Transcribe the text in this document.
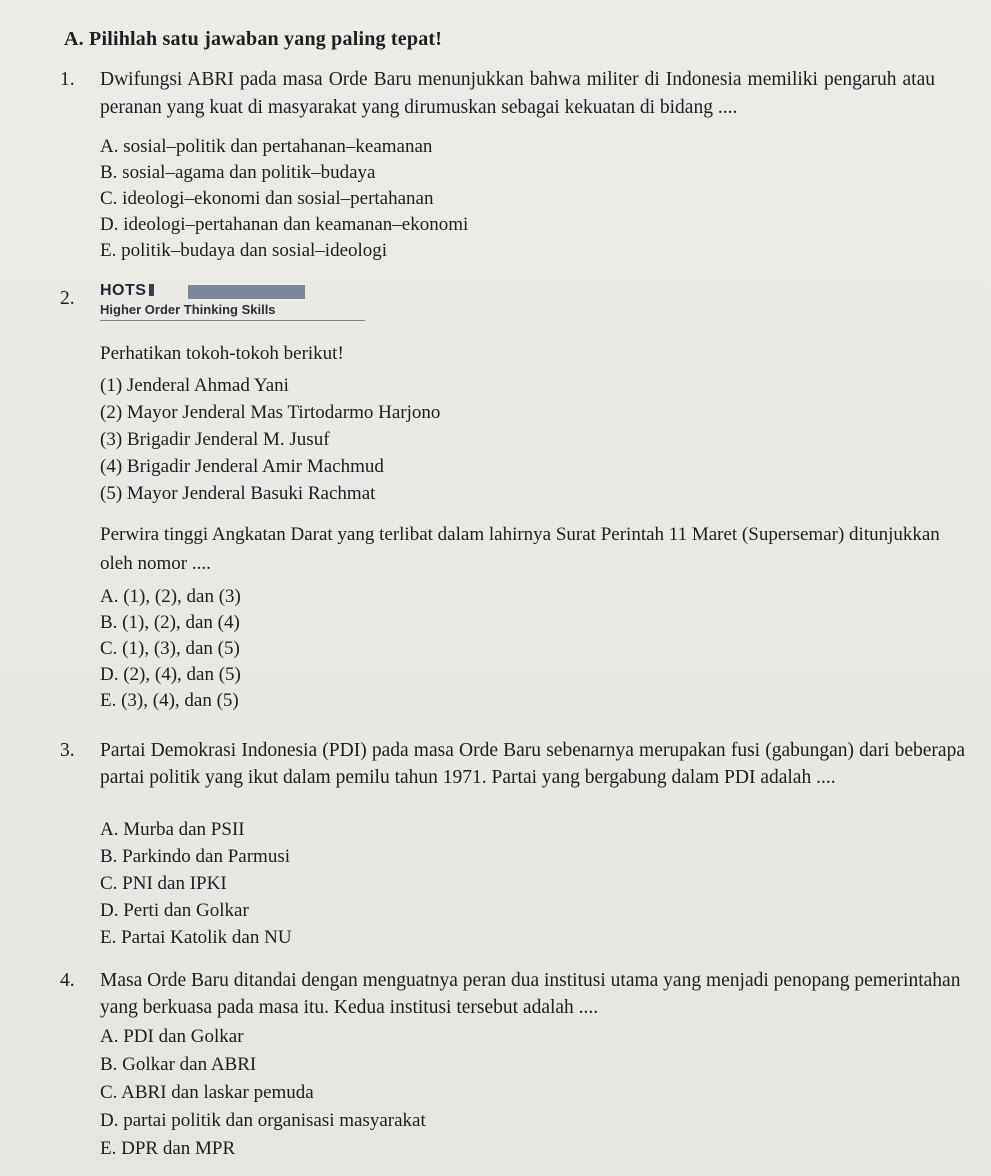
A. Pilihlah satu jawaban yang paling tepat!
1. Dwifungsi ABRI pada masa Orde Baru menunjukkan bahwa militer di Indonesia memiliki pengaruh atau peranan yang kuat di masyarakat yang dirumuskan sebagai kekuatan di bidang ....
A. sosial–politik dan pertahanan–keamanan
B. sosial–agama dan politik–budaya
C. ideologi–ekonomi dan sosial–pertahanan
D. ideologi–pertahanan dan keamanan–ekonomi
E. politik–budaya dan sosial–ideologi
2. HOTS
Higher Order Thinking Skills
Perhatikan tokoh-tokoh berikut!
(1) Jenderal Ahmad Yani
(2) Mayor Jenderal Mas Tirtodarmo Harjono
(3) Brigadir Jenderal M. Jusuf
(4) Brigadir Jenderal Amir Machmud
(5) Mayor Jenderal Basuki Rachmat
Perwira tinggi Angkatan Darat yang terlibat dalam lahirnya Surat Perintah 11 Maret (Supersemar) ditunjukkan oleh nomor ....
A. (1), (2), dan (3)
B. (1), (2), dan (4)
C. (1), (3), dan (5)
D. (2), (4), dan (5)
E. (3), (4), dan (5)
3. Partai Demokrasi Indonesia (PDI) pada masa Orde Baru sebenarnya merupakan fusi (gabungan) dari beberapa partai politik yang ikut dalam pemilu tahun 1971. Partai yang bergabung dalam PDI adalah ....
A. Murba dan PSII
B. Parkindo dan Parmusi
C. PNI dan IPKI
D. Perti dan Golkar
E. Partai Katolik dan NU
4. Masa Orde Baru ditandai dengan menguatnya peran dua institusi utama yang menjadi penopang pemerintahan yang berkuasa pada masa itu. Kedua institusi tersebut adalah ....
A. PDI dan Golkar
B. Golkar dan ABRI
C. ABRI dan laskar pemuda
D. partai politik dan organisasi masyarakat
E. DPR dan MPR
